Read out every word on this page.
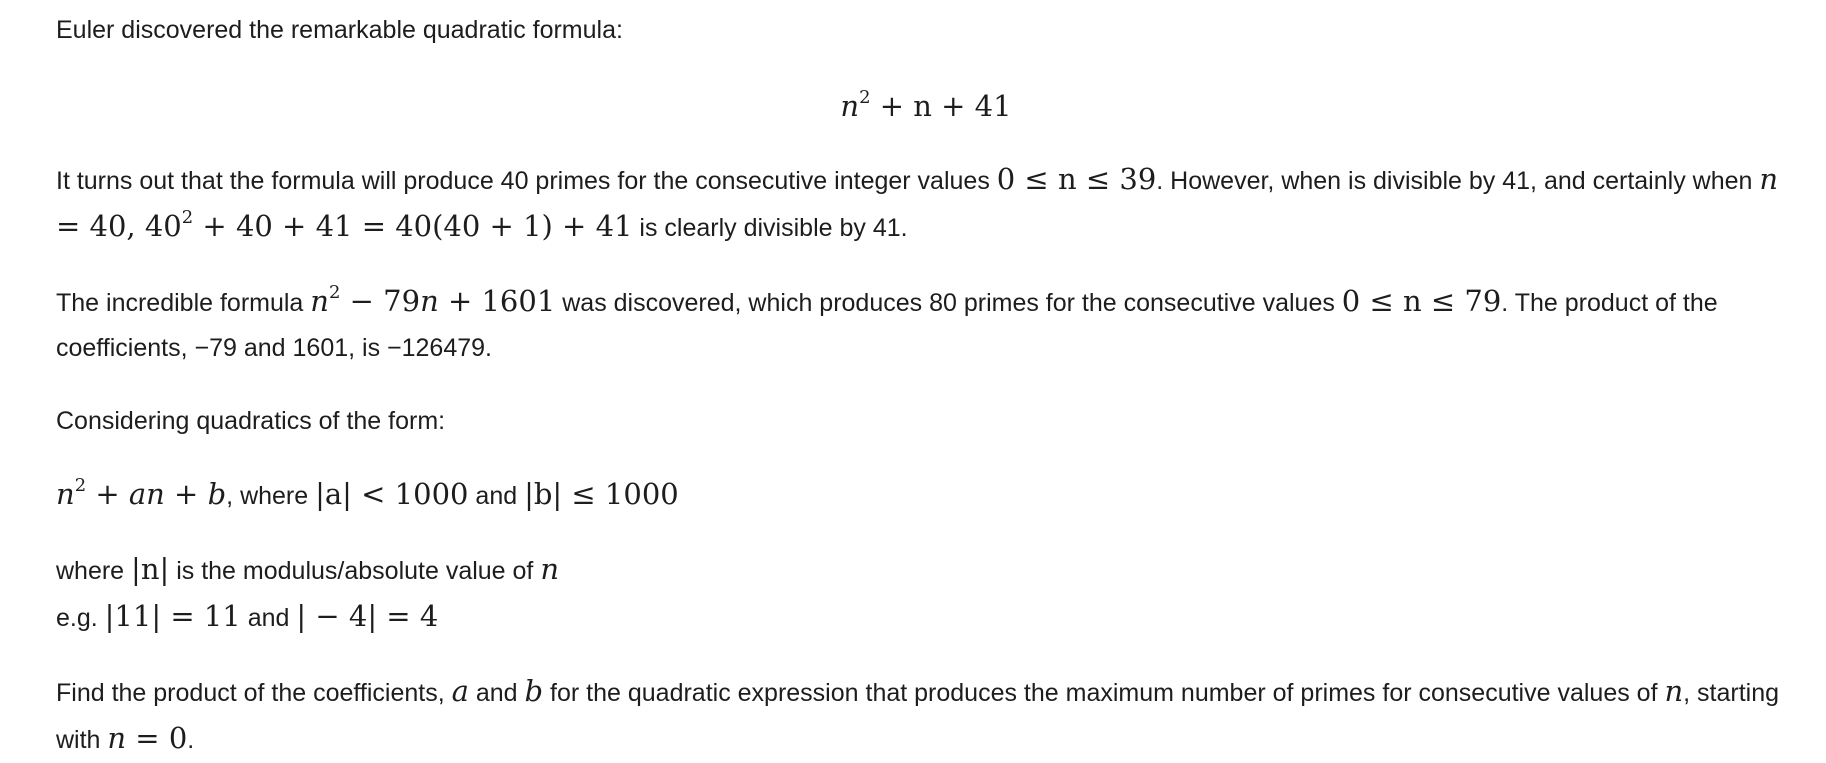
Euler discovered the remarkable quadratic formula:

$n^2 + n + 41$

It turns out that the formula will produce 40 primes for the consecutive integer values 0 ≤ n ≤ 39. However, when is divisible by 41, and certainly when n = 40, $40^2 + 40 + 41 = 40(40 + 1) + 41$ is clearly divisible by 41.

The incredible formula $n^2 - 79n + 1601$ was discovered, which produces 80 primes for the consecutive values 0 ≤ n ≤ 79. The product of the coefficients, −79 and 1601, is −126479.

Considering quadratics of the form:

$n^2$ + an + b, where |a| < 1000 and |b| ≤ 1000

where |n| is the modulus/absolute value of n
e.g. |11| = 11 and | − 4| = 4

Find the product of the coefficients, a and b for the quadratic expression that produces the maximum number of primes for consecutive values of n, starting with n = 0.
